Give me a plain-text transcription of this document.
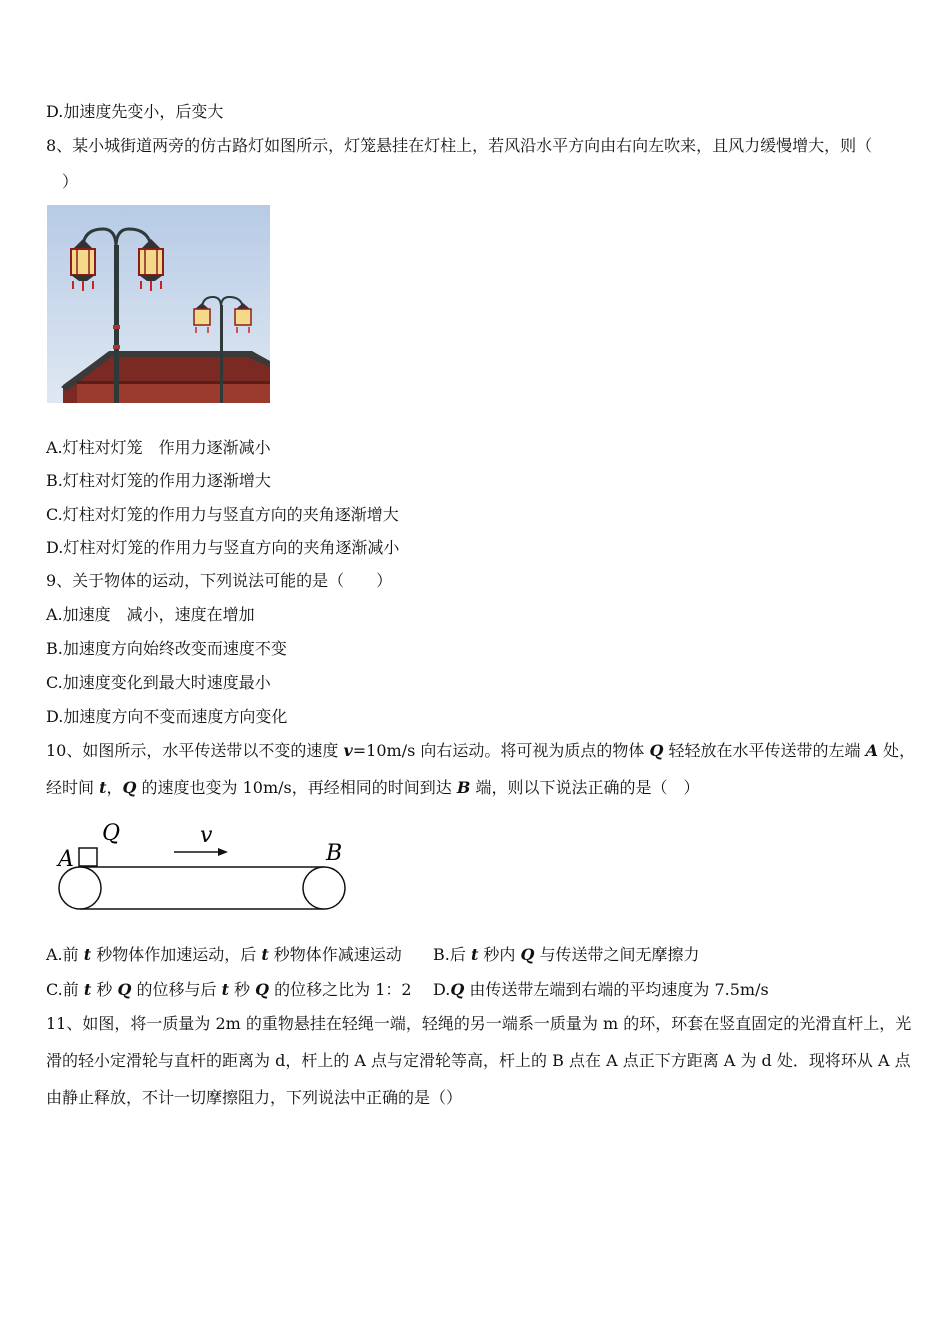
D.加速度先变小，后变大
8、某小城街道两旁的仿古路灯如图所示，灯笼悬挂在灯柱上，若风沿水平方向由右向左吹来，且风力缓慢增大，则（
）
A.灯柱对灯笼　作用力逐渐减小
B.灯柱对灯笼的作用力逐渐增大
C.灯柱对灯笼的作用力与竖直方向的夹角逐渐增大
D.灯柱对灯笼的作用力与竖直方向的夹角逐渐减小
9、关于物体的运动，下列说法可能的是（　　）
A.加速度　减小，速度在增加
B.加速度方向始终改变而速度不变
C.加速度变化到最大时速度最小
D.加速度方向不变而速度方向变化
10、如图所示，水平传送带以不变的速度 v=10m/s 向右运动。将可视为质点的物体 Q 轻轻放在水平传送带的左端 A 处，
经时间 t，Q 的速度也变为 10m/s，再经相同的时间到达 B 端，则以下说法正确的是（　）
A
Q	v
B
A.前 t 秒物体作加速运动，后 t 秒物体作减速运动 B.后 t 秒内 Q 与传送带之间无摩擦力
C.前 t 秒 Q 的位移与后 t 秒 Q 的位移之比为 1：2 D.Q 由传送带左端到右端的平均速度为 7.5m/s
11、如图，将一质量为 2m 的重物悬挂在轻绳一端，轻绳的另一端系一质量为 m 的环，环套在竖直固定的光滑直杆上，光
滑的轻小定滑轮与直杆的距离为 d，杆上的 A 点与定滑轮等高，杆上的 B 点在 A 点正下方距离 A 为 d 处．现将环从 A 点
由静止释放，不计一切摩擦阻力，下列说法中正确的是（）
